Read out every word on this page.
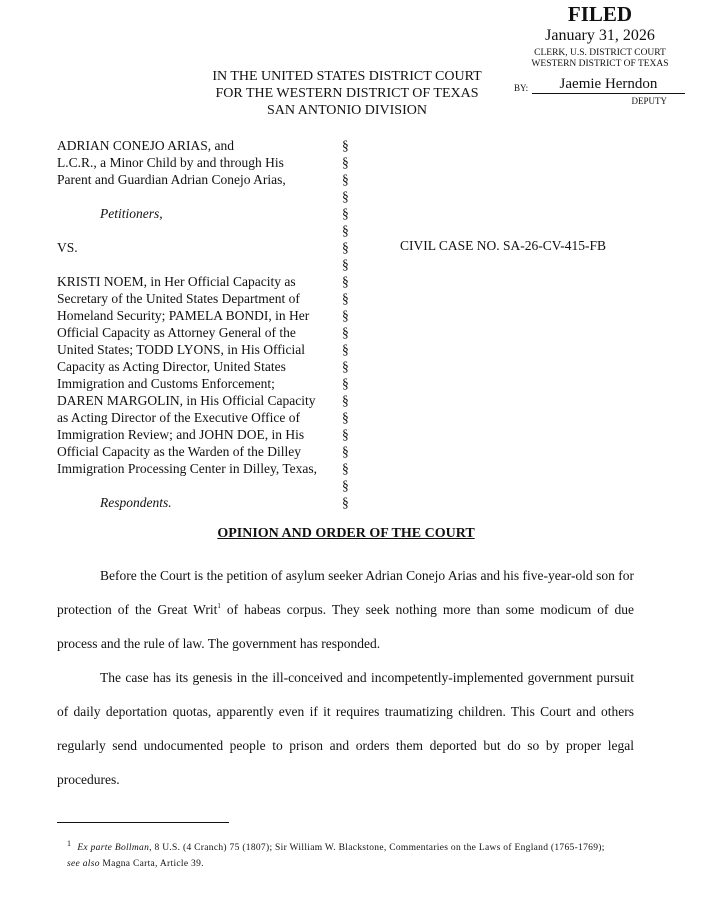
FILED
January 31, 2026
CLERK, U.S. DISTRICT COURT
WESTERN DISTRICT OF TEXAS
BY:	Jaemie Herndon
DEPUTY
IN THE UNITED STATES DISTRICT COURT
FOR THE WESTERN DISTRICT OF TEXAS
SAN ANTONIO DIVISION
ADRIAN CONEJO ARIAS, and
L.C.R., a Minor Child by and through His
Parent and Guardian Adrian Conejo Arias,
Petitioners,
VS.
KRISTI NOEM, in Her Official Capacity as
Secretary of the United States Department of
Homeland Security; PAMELA BONDI, in Her
Official Capacity as Attorney General of the
United States; TODD LYONS, in His Official
Capacity as Acting Director, United States
Immigration and Customs Enforcement;
DAREN MARGOLIN, in His Official Capacity
as Acting Director of the Executive Office of
Immigration Review; and JOHN DOE, in His
Official Capacity as the Warden of the Dilley
Immigration Processing Center in Dilley, Texas,
Respondents.
§
§
§
§
§
§
§
§
§
§
§
§
§
§
§
§
§
§
§
§
§
§
CIVIL CASE NO. SA-26-CV-415-FB
OPINION AND ORDER OF THE COURT

Before the Court is the petition of asylum seeker Adrian Conejo Arias and his five-year-old son for protection of the Great Writ$^1$ of habeas corpus. They seek nothing more than some modicum of due process and the rule of law. The government has responded.

The case has its genesis in the ill-conceived and incompetently-implemented government pursuit of daily deportation quotas, apparently even if it requires traumatizing children. This Court and others regularly send undocumented people to prison and orders them deported but do so by proper legal procedures.

$^1$ Ex parte Bollman, 8 U.S. (4 Cranch) 75 (1807); Sir William W. Blackstone, Commentaries on the Laws of England (1765-1769); see also Magna Carta, Article 39.
